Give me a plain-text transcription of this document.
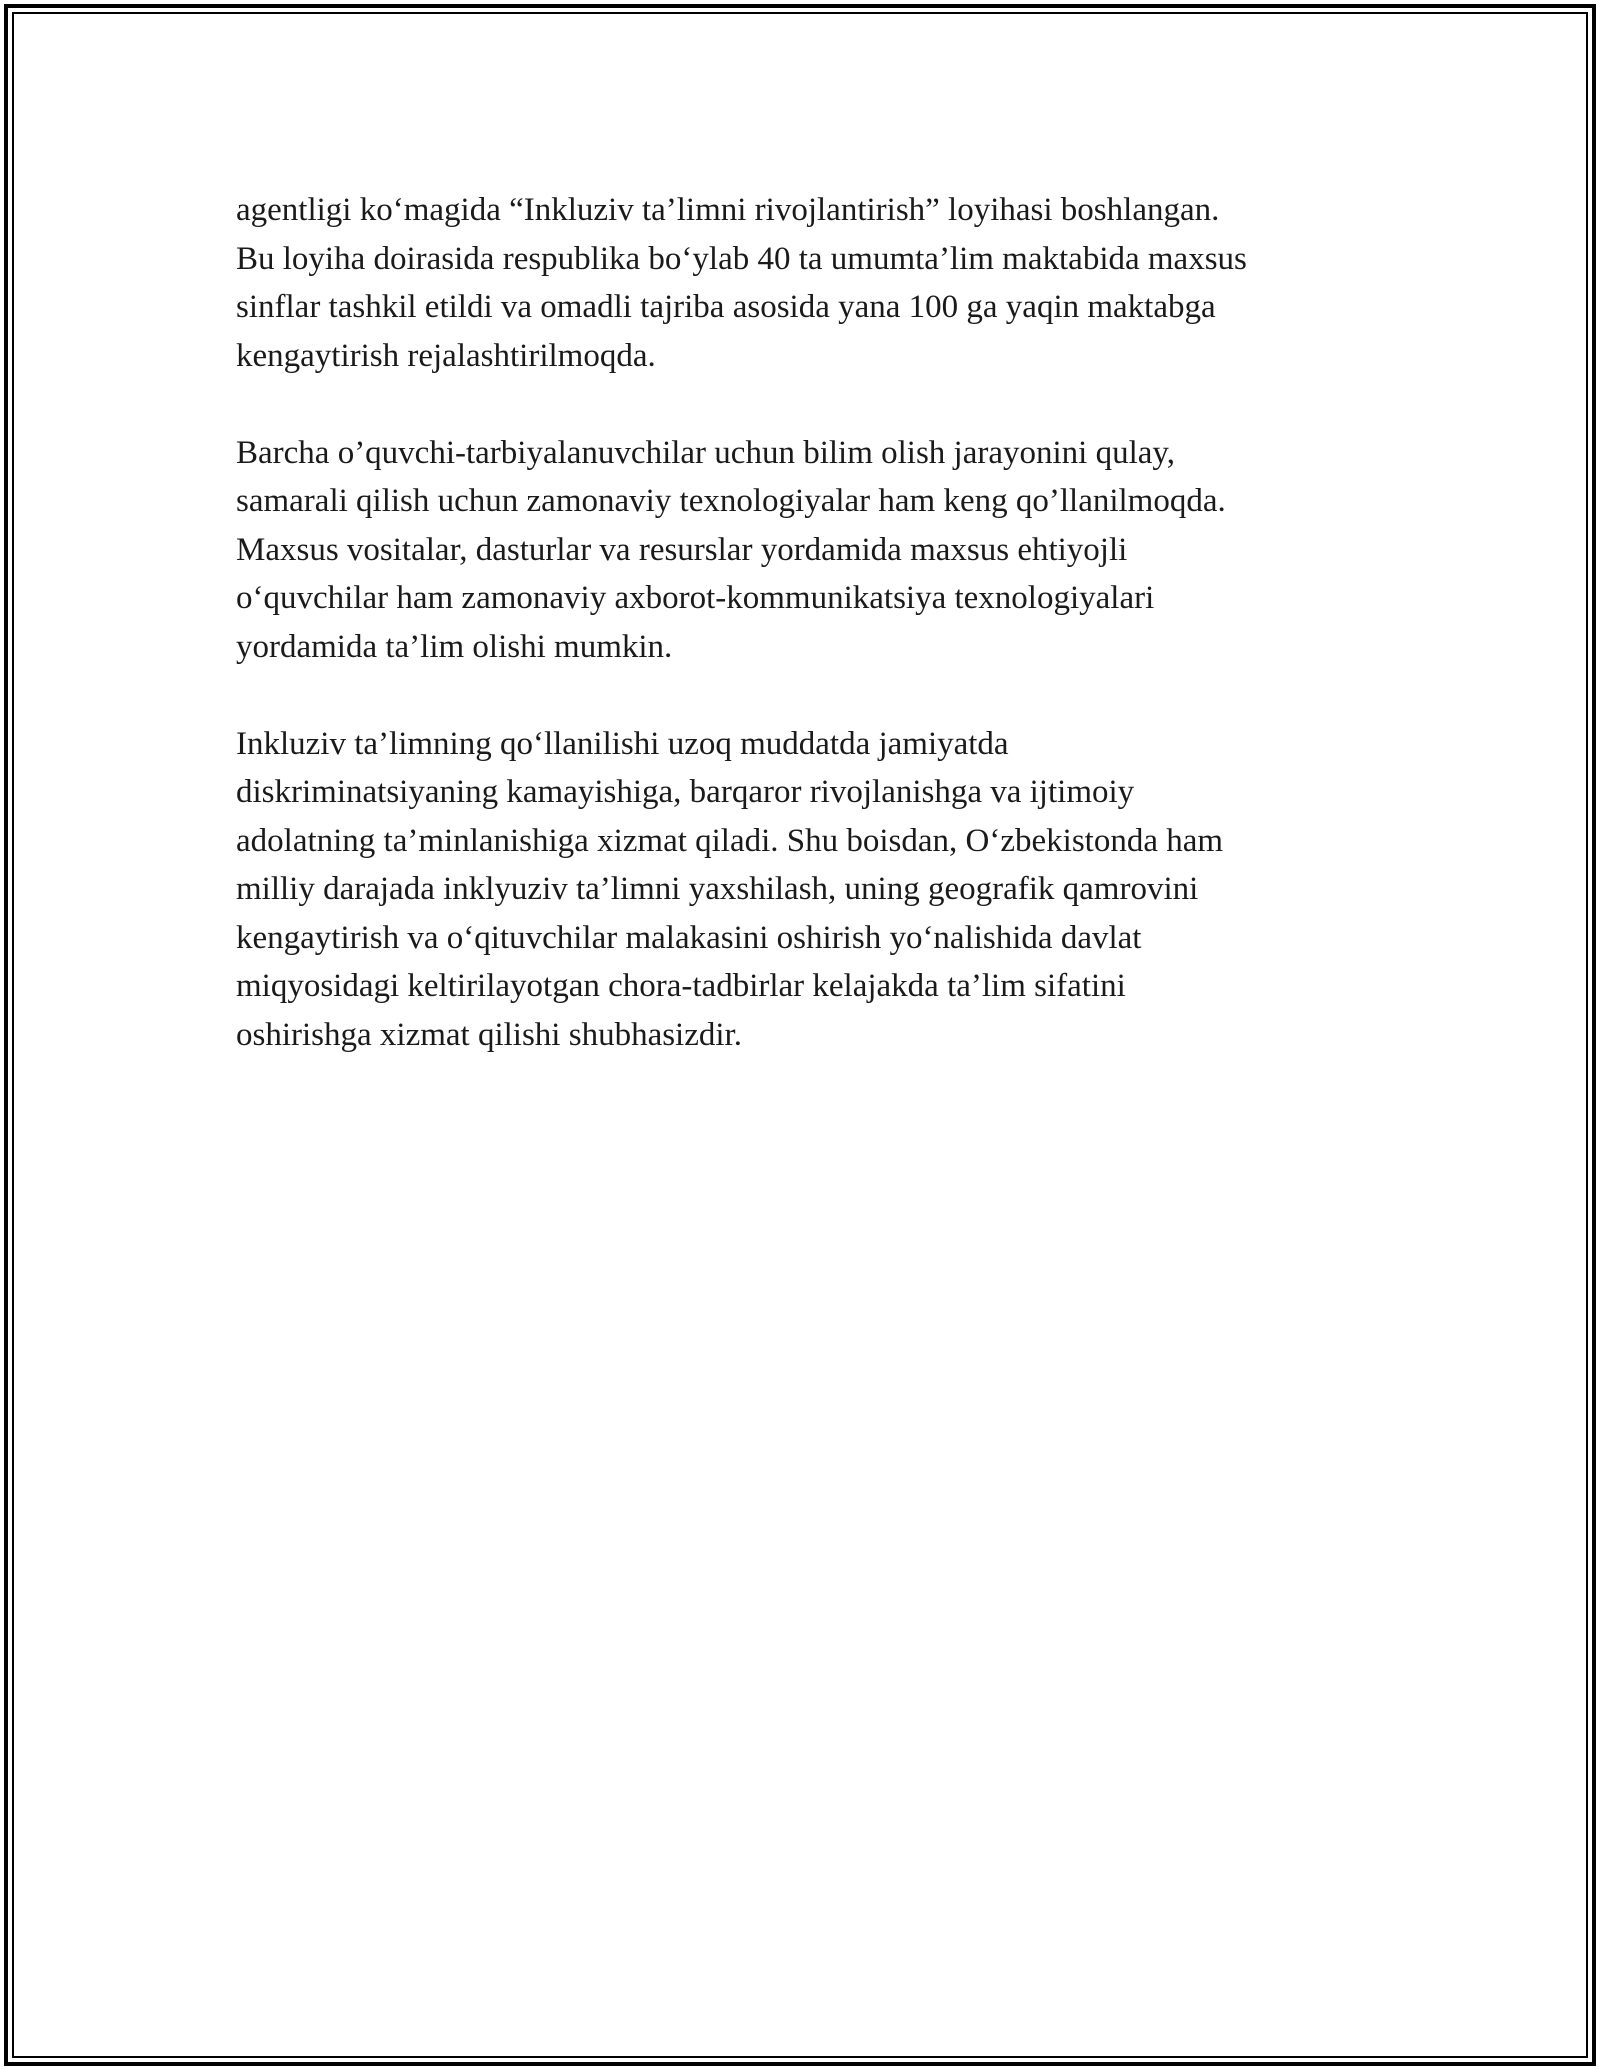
agentligi ko‘magida “Inkluziv ta’limni rivojlantirish” loyihasi boshlangan.
Bu loyiha doirasida respublika bo‘ylab 40 ta umumta’lim maktabida maxsus
sinflar tashkil etildi va omadli tajriba asosida yana 100 ga yaqin maktabga
kengaytirish rejalashtirilmoqda.

Barcha o’quvchi-tarbiyalanuvchilar uchun bilim olish jarayonini qulay,
samarali qilish uchun zamonaviy texnologiyalar ham keng qo’llanilmoqda.
Maxsus vositalar, dasturlar va resurslar yordamida maxsus ehtiyojli
o‘quvchilar ham zamonaviy axborot-kommunikatsiya texnologiyalari
yordamida ta’lim olishi mumkin.

Inkluziv ta’limning qo‘llanilishi uzoq muddatda jamiyatda
diskriminatsiyaning kamayishiga, barqaror rivojlanishga va ijtimoiy
adolatning ta’minlanishiga xizmat qiladi. Shu boisdan, O‘zbekistonda ham
milliy darajada inklyuziv ta’limni yaxshilash, uning geografik qamrovini
kengaytirish va o‘qituvchilar malakasini oshirish yo‘nalishida davlat
miqyosidagi keltirilayotgan chora-tadbirlar kelajakda ta’lim sifatini
oshirishga xizmat qilishi shubhasizdir.
